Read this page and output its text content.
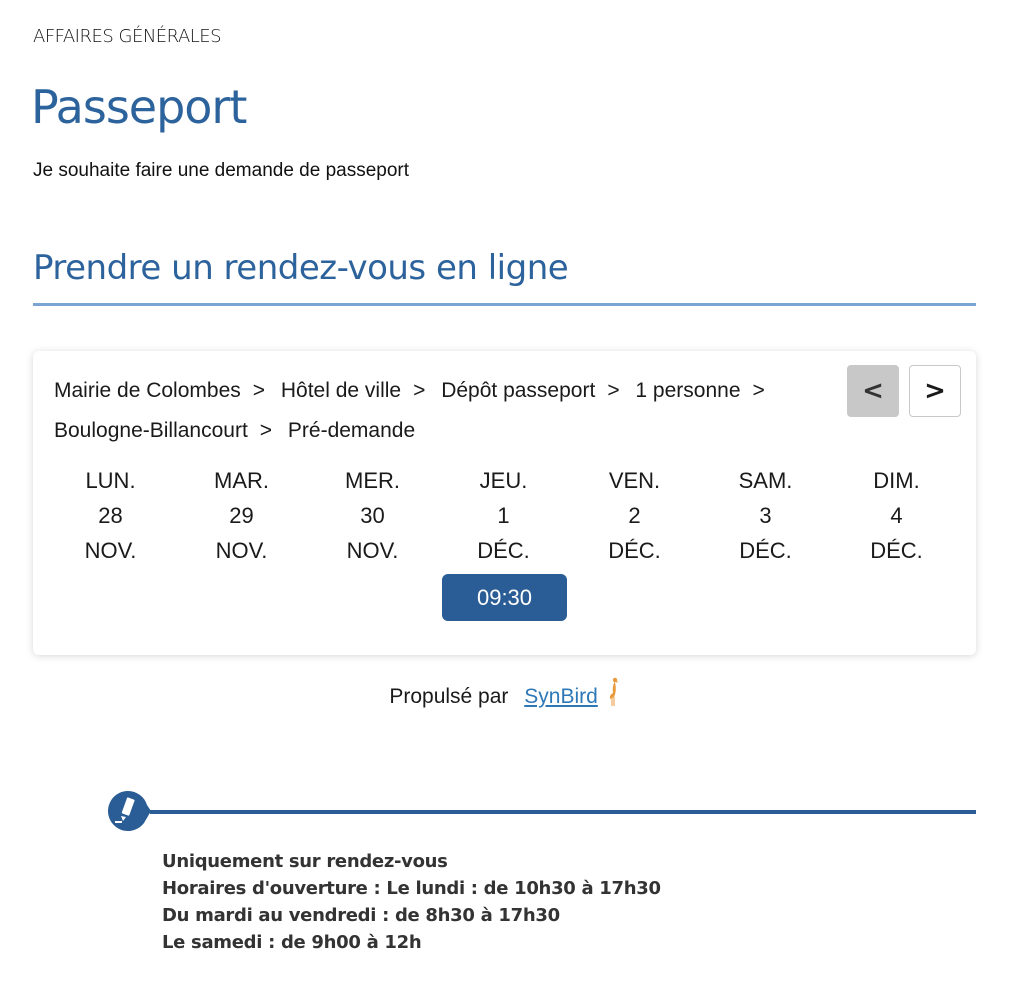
AFFAIRES GÉNÉRALES
Passeport

Je souhaite faire une demande de passeport

Prendre un rendez-vous en ligne
Mairie de Colombes > Hôtel de ville > Dépôt passeport > 1 personne > Boulogne-Billancourt > Pré-demande
<	>
LUN.
28
NOV.
MAR.
29
NOV.
MER.
30
NOV.
JEU.
1
DÉC.
VEN.
2
DÉC.
SAM.
3
DÉC.
DIM.
4
DÉC.
09:30
Propulsé par SynBird

Uniquement sur rendez-vous

Horaires d'ouverture : Le lundi : de 10h30 à 17h30

Du mardi au vendredi : de 8h30 à 17h30

Le samedi : de 9h00 à 12h
